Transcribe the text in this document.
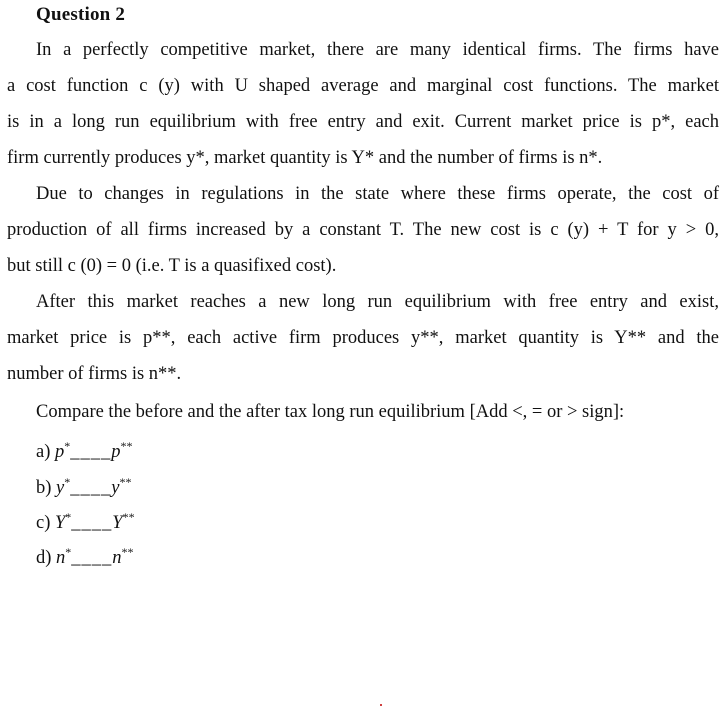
Question 2
In a perfectly competitive market, there are many identical firms. The firms have
a cost function c (y) with U shaped average and marginal cost functions. The market
is in a long run equilibrium with free entry and exit. Current market price is p*, each
firm currently produces y*, market quantity is Y* and the number of firms is n*.
Due to changes in regulations in the state where these firms operate, the cost of
production of all firms increased by a constant T. The new cost is c (y) + T for y > 0,
but still c (0) = 0 (i.e. T is a quasifixed cost).
After this market reaches a new long run equilibrium with free entry and exist,
market price is p**, each active firm produces y**, market quantity is Y** and the
number of firms is n**.
Compare the before and the after tax long run equilibrium [Add <, = or > sign]:
a) p*____p**
b) y*____y**
c) Y*____Y**
d) n*____n**
